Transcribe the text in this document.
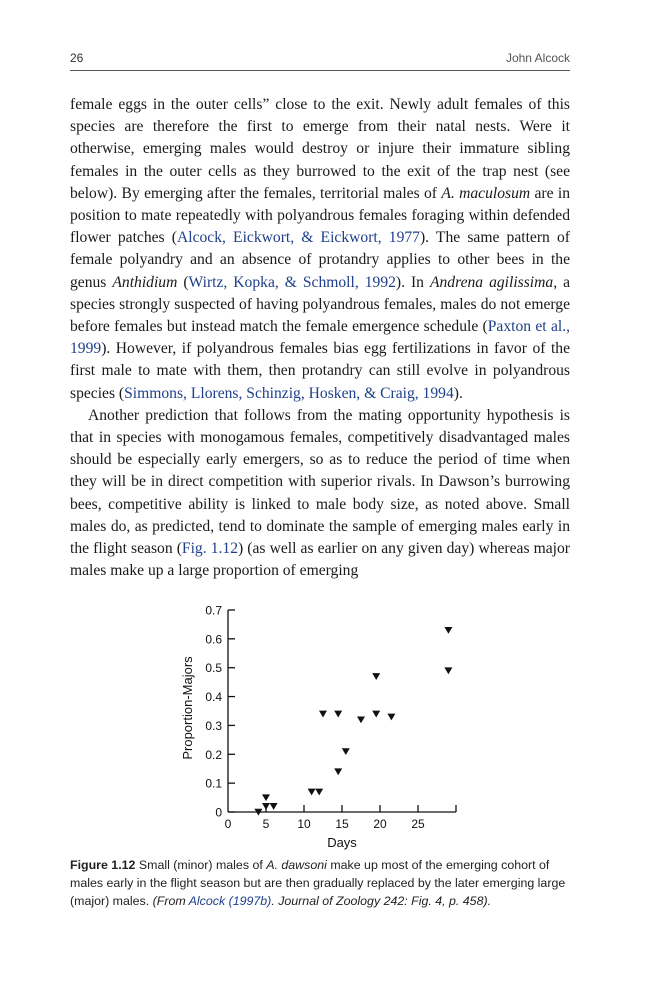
26	John Alcock

female eggs in the outer cells” close to the exit. Newly adult females of this species are therefore the first to emerge from their natal nests. Were it otherwise, emerging males would destroy or injure their immature sibling females in the outer cells as they burrowed to the exit of the trap nest (see below). By emerging after the females, territorial males of A. maculosum are in position to mate repeatedly with polyandrous females foraging within defended flower patches (Alcock, Eickwort, & Eickwort, 1977). The same pattern of female polyandry and an absence of protandry applies to other bees in the genus Anthidium (Wirtz, Kopka, & Schmoll, 1992). In Andrena agilissima, a species strongly suspected of having polyandrous females, males do not emerge before females but instead match the female emergence schedule (Paxton et al., 1999). However, if polyandrous females bias egg fertilizations in favor of the first male to mate with them, then protandry can still evolve in polyandrous species (Simmons, Llorens, Schinzig, Hosken, & Craig, 1994).

Another prediction that follows from the mating opportunity hypothesis is that in species with monogamous females, competitively disadvantaged males should be especially early emergers, so as to reduce the period of time when they will be in direct competition with superior rivals. In Dawson’s burrowing bees, competitive ability is linked to male body size, as noted above. Small males do, as predicted, tend to dominate the sample of emerging males early in the flight season (Fig. 1.12) (as well as earlier on any given day) whereas major males make up a large proportion of emerging

0
0.1
0.2
0.3
0.4
0.5
0.6
0.7
0	5 10 15 20 25
Proportion-Majors
Days
Figure 1.12 Small (minor) males of A. dawsoni make up most of the emerging cohort of males early in the flight season but are then gradually replaced by the later emerging large (major) males. (From Alcock (1997b). Journal of Zoology 242: Fig. 4, p. 458).
